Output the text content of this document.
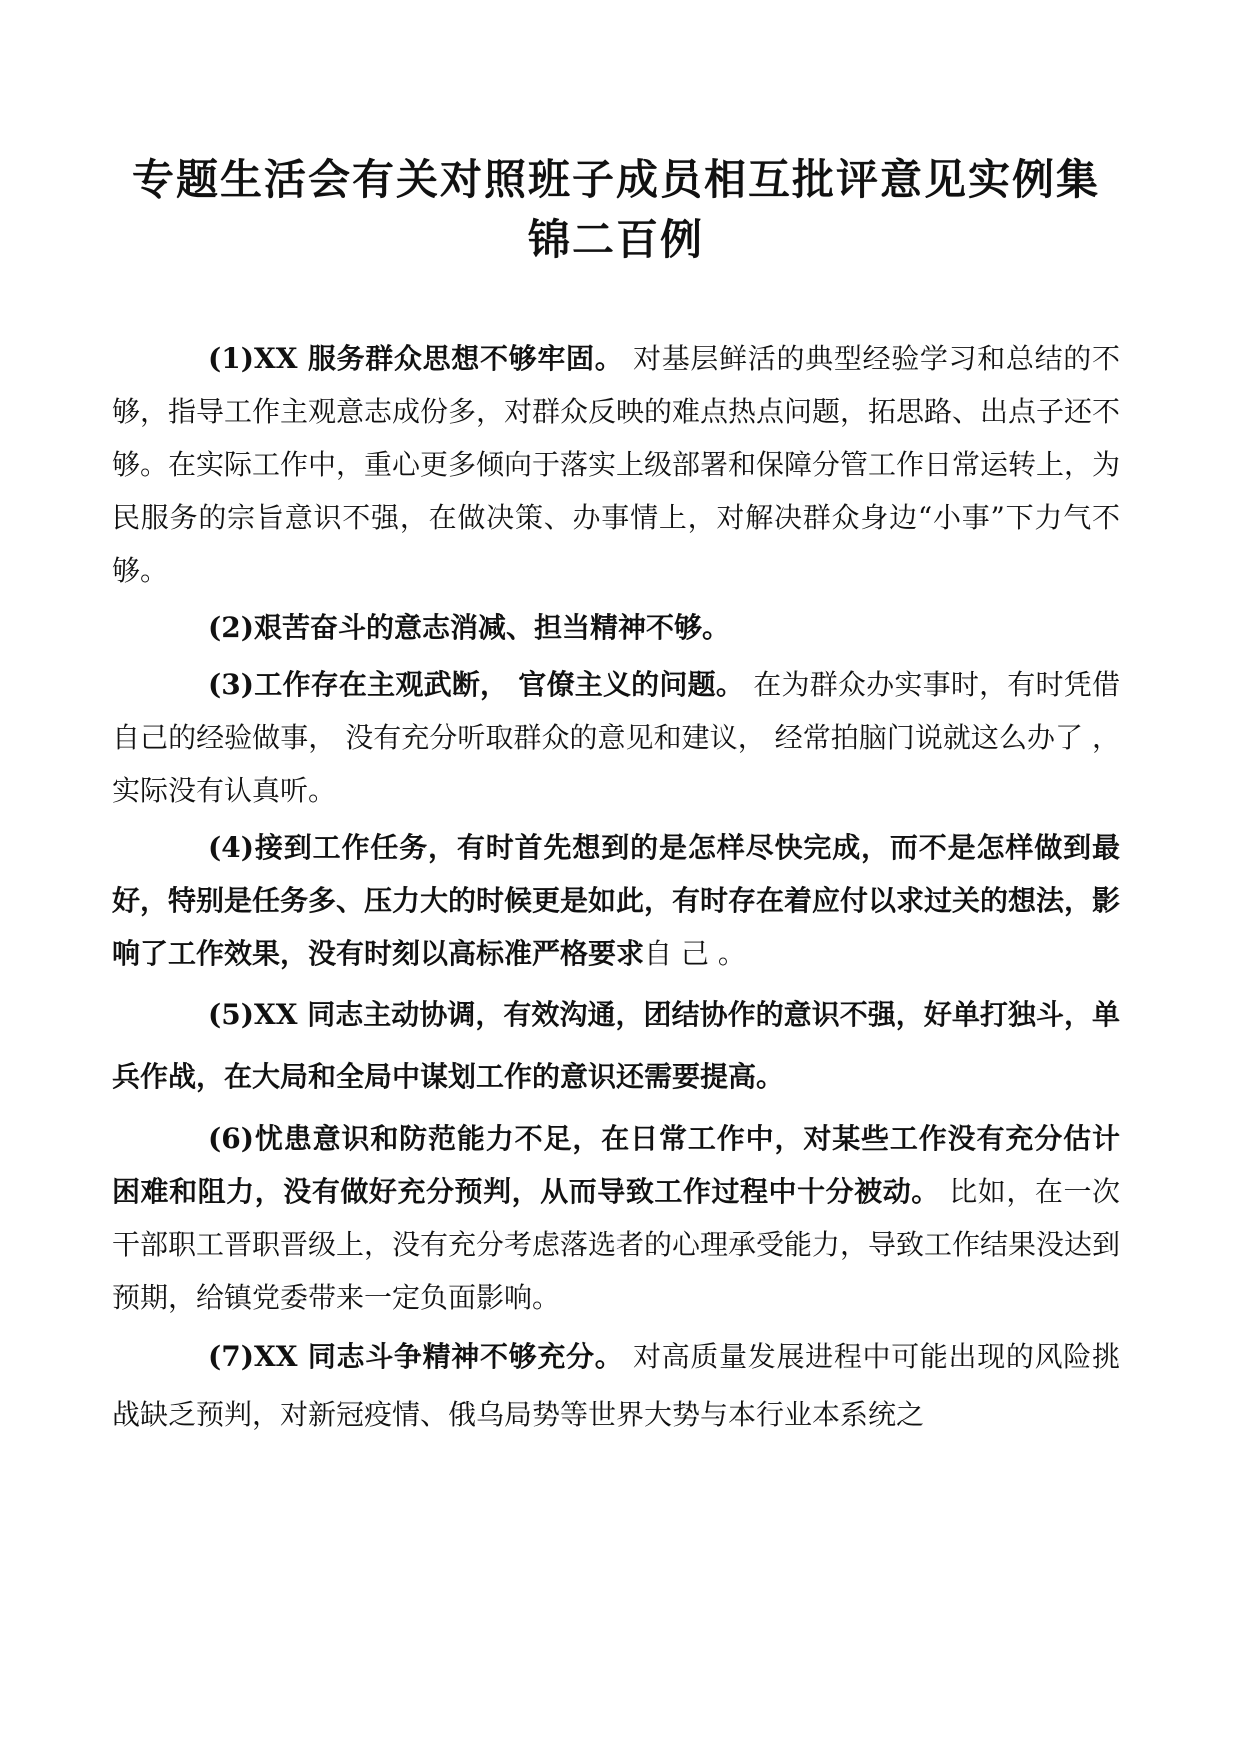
专题生活会有关对照班子成员相互批评意见实例集
锦二百例

(1)XX 服务群众思想不够牢固。 对基层鲜活的典型经验学习和总结的不够，指导工作主观意志成份多，对群众反映的难点热点问题，拓思路、出点子还不够。在实际工作中，重心更多倾向于落实上级部署和保障分管工作日常运转上，为民服务的宗旨意识不强，在做决策、办事情上，对解决群众身边“小事”下力气不够。

(2)艰苦奋斗的意志消减、担当精神不够。

(3)工作存在主观武断， 官僚主义的问题。 在为群众办实事时，有时凭借自己的经验做事， 没有充分听取群众的意见和建议， 经常拍脑门说就这么办了 ， 实际没有认真听。

(4)接到工作任务，有时首先想到的是怎样尽快完成，而不是怎样做到最好，特别是任务多、压力大的时候更是如此，有时存在着应付以求过关的想法，影响了工作效果，没有时刻以高标准严格要求自 己 。

(5)XX 同志主动协调，有效沟通，团结协作的意识不强，好单打独斗，单兵作战，在大局和全局中谋划工作的意识还需要提高。

(6)忧患意识和防范能力不足，在日常工作中，对某些工作没有充分估计困难和阻力，没有做好充分预判，从而导致工作过程中十分被动。 比如，在一次干部职工晋职晋级上，没有充分考虑落选者的心理承受能力，导致工作结果没达到预期，给镇党委带来一定负面影响。

(7)XX 同志斗争精神不够充分。 对高质量发展进程中可能出现的风险挑战缺乏预判，对新冠疫情、俄乌局势等世界大势与本行业本系统之
